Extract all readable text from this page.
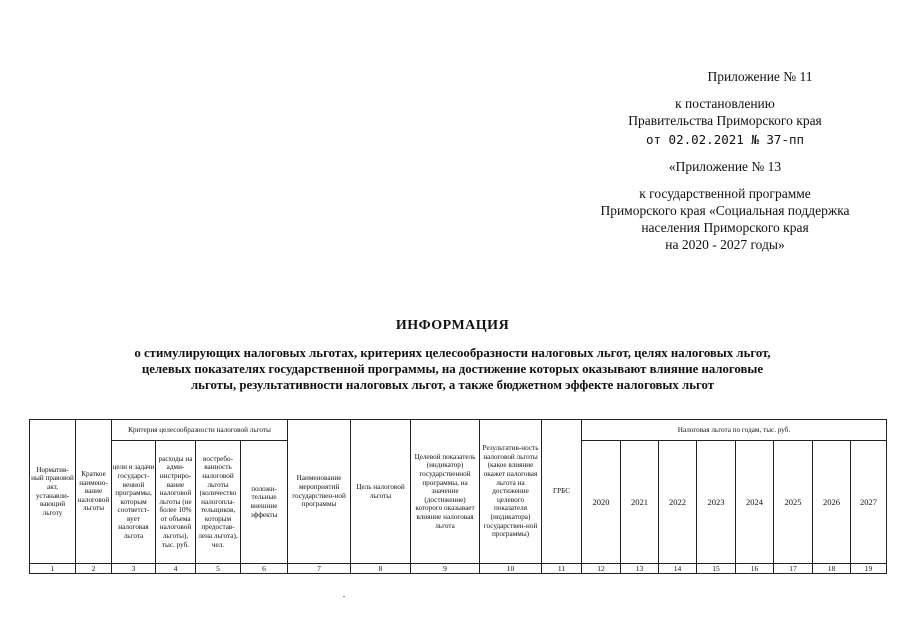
Приложение № 11
к постановлению
Правительства Приморского края
от 02.02.2021 № 37-пп
«Приложение № 13
к государственной программе
Приморского края «Социальная поддержка
населения Приморского края
на 2020 - 2027 годы»
ИНФОРМАЦИЯ
о стимулирующих налоговых льготах, критериях целесообразности налоговых льгот, целях налоговых льгот,
целевых показателях государственной программы, на достижение которых оказывают влияние налоговые
льготы, результативности налоговых льгот, а также бюджетном эффекте налоговых льгот
Норматив-ный правовой акт, устанавли-вающий льготу	Краткое наимено-вание налоговой льготы	Критерия целесообразности налоговой льготы				Наименование мероприятий государствен-ной программы	Цель налоговой льготы	Целевой показатель (индикатор) государственной программы, на значение (достижение) которого оказывает влияние налоговая льгота	Результатив-ность налоговой льготы (какое влияние окажет налоговая льгота на достижение целевого показателя (индикатора) государствен-ной программы)	ГРБС	Налоговая льгота по годам, тыс. руб.							
		цели и задачи государст-венной программы, которым соответст-вует налоговая льгота	расходы на адми-нистриро-вание налоговой льготы (не более 10% от объема налоговой льготы), тыс. руб.	востребо-ванность налоговой льготы (количество налогопла-тельщиков, которым предостав-лена льгота), чел.	положи-тельные внешние эффекты						2020	2021	2022	2023	2024	2025	2026	2027
1	2	3	4	5	6	7	8	9	10	11	12	13	14	15	16	17	18	19
